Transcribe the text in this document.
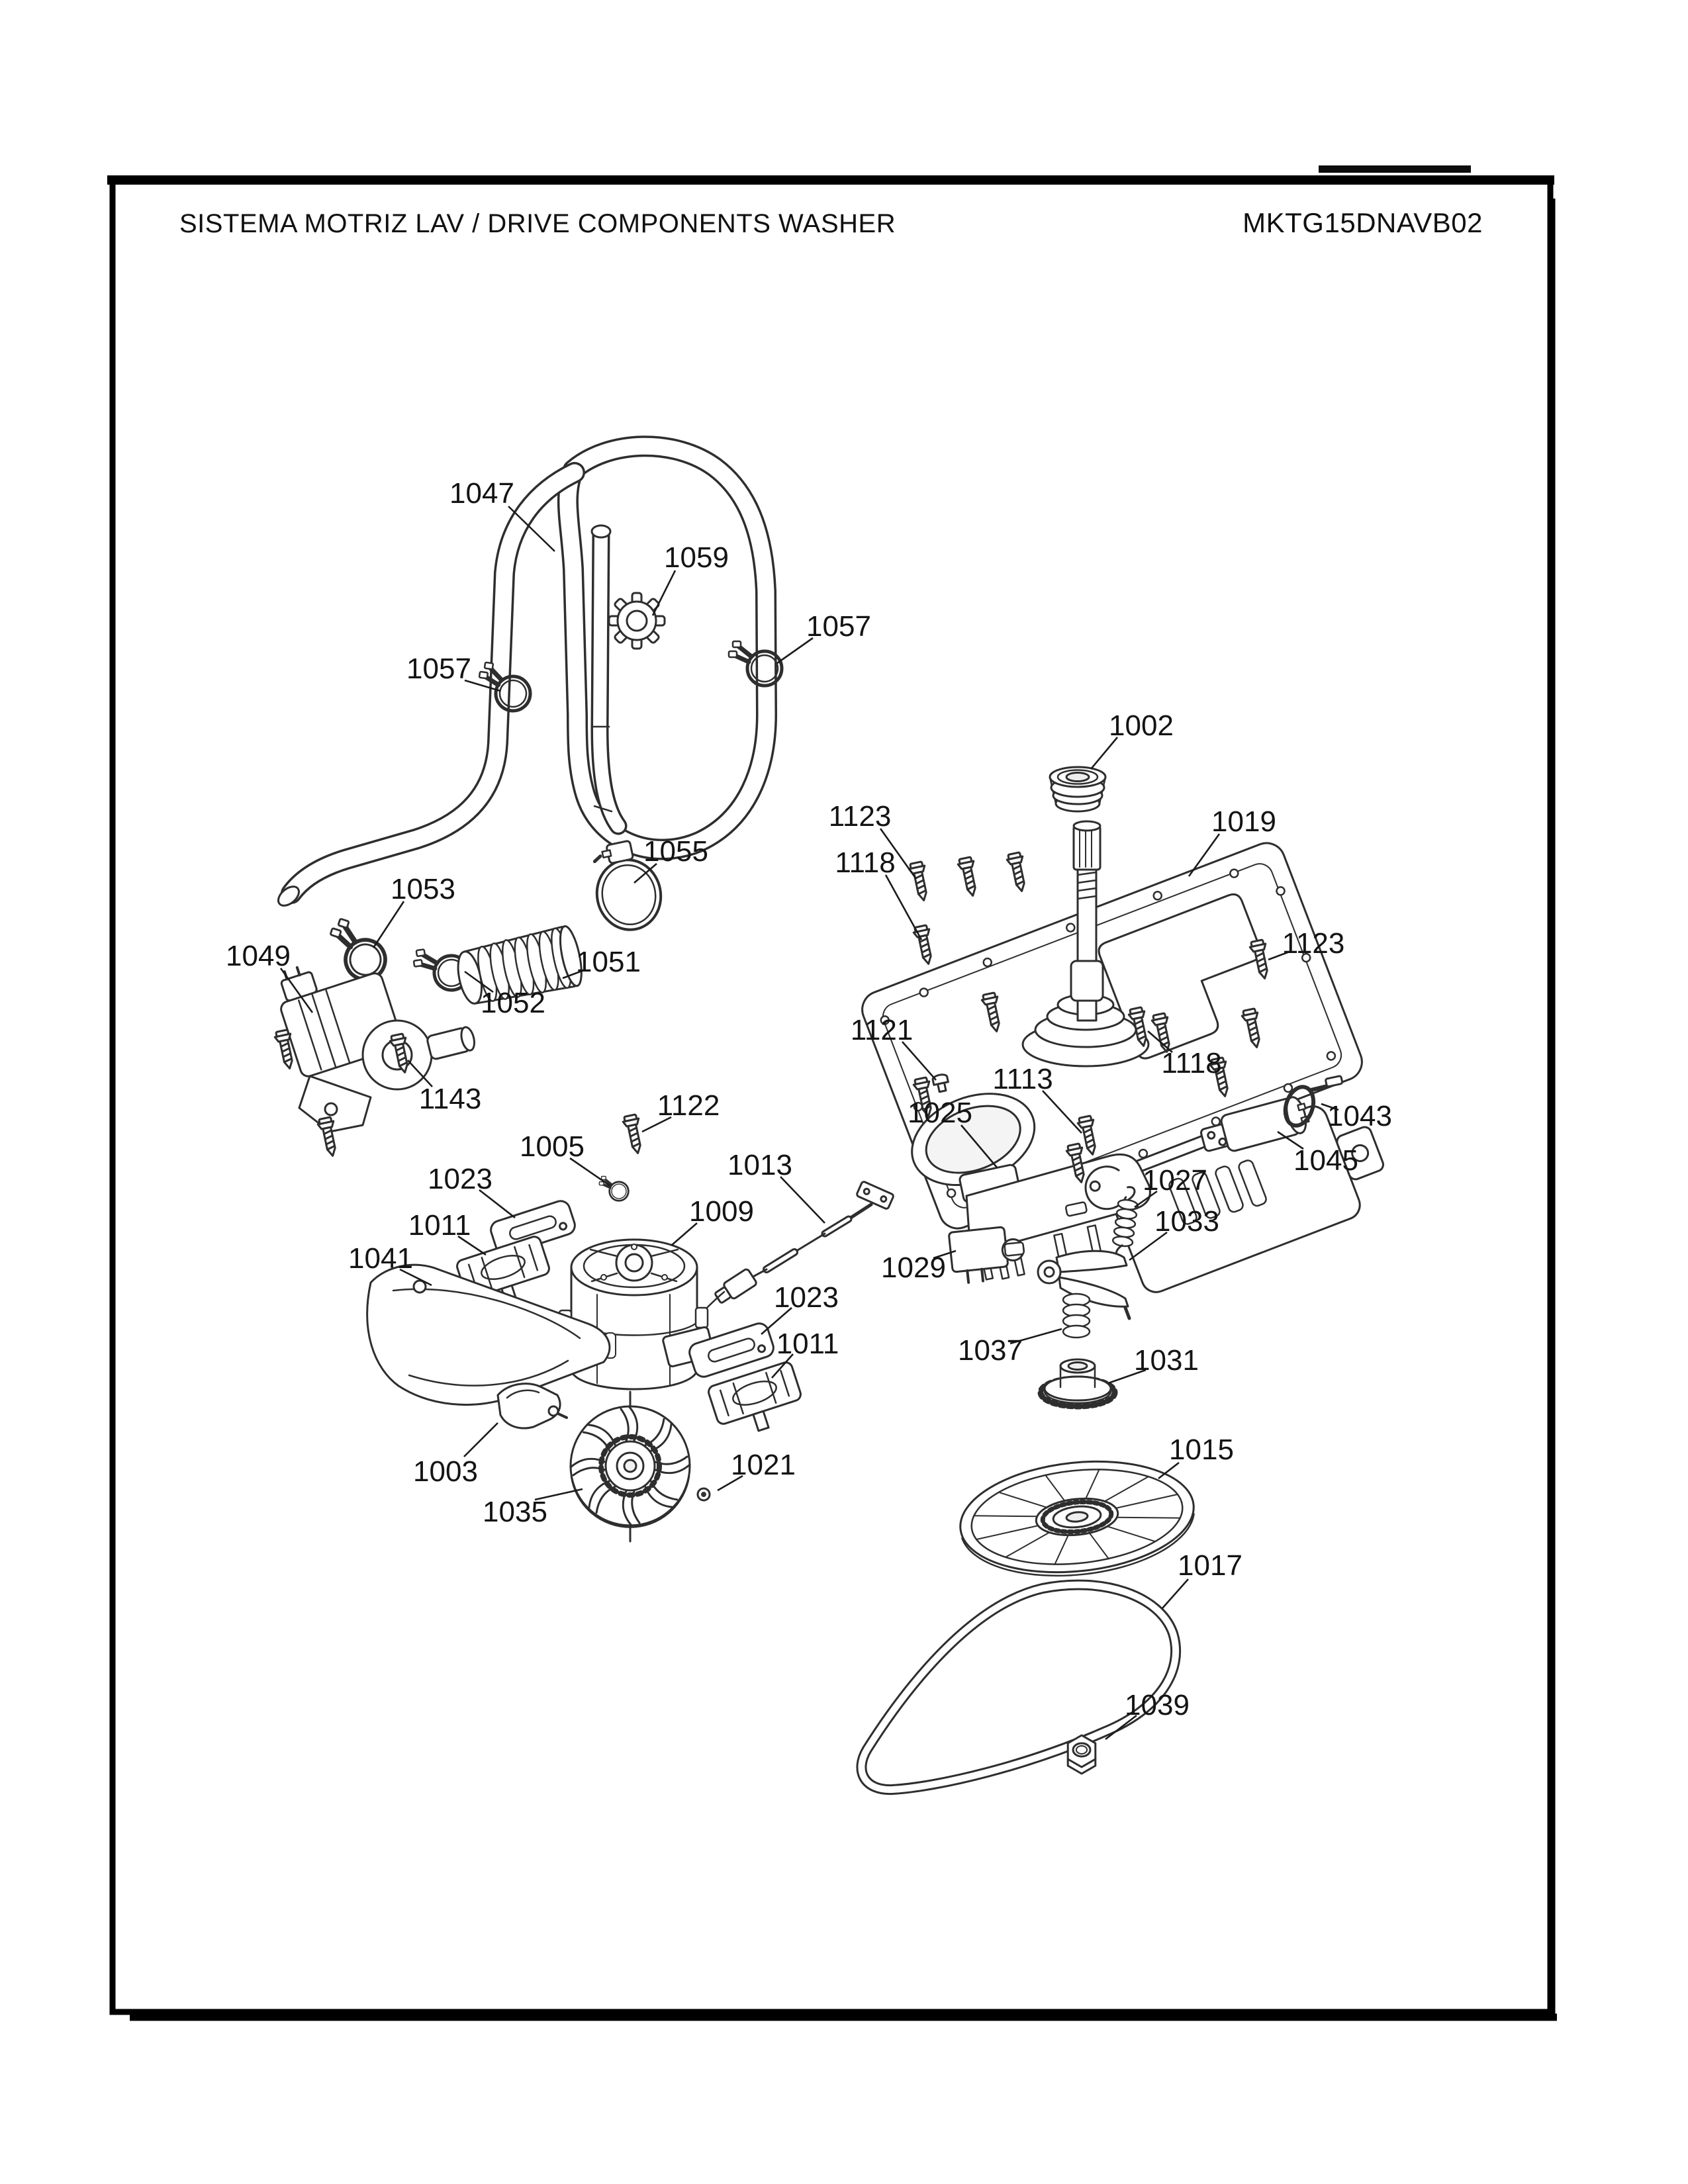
SISTEMA MOTRIZ LAV / DRIVE COMPONENTS WASHER	MKTG15DNAVB02
1047
1059
1057
1057
1002
1123	1019
1118
1055
1053
1051
1049
1052
1123
1121
1113
1143
1118
1122
1005
1025	1043
1013	1045
1023
1009
1027
1011	1033
1041	1029
1023
1011	1037	1031
1015
1003	1021
1035
1017
1039
